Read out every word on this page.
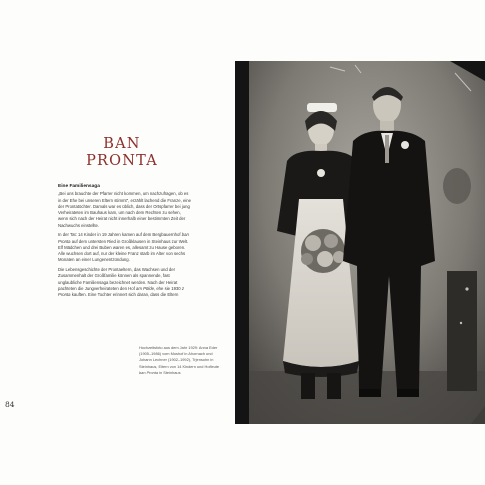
BAN
PRONTA
Eine Familiensaga

„Bei uns brauchte der Pfarrer nicht kommen, um nachzufragen, ob es in der Ehe bei unseren Eltern stimmt“, erzählt lachend die Franze, eine der Prontatöchter. Damals war es üblich, dass der Ortspfarrer bei jung Verheirateten im Bauhaus kam, um nach dem Rechten zu sehen, wenn sich nach der Heirat nicht innerhalb einer bestimmten Zeit der Nachwuchs einstellte.

In der Tat: 14 Kinder in 19 Jahren kamen auf dem Bergbauernhof ban Pronta auf dem untersten Ried in Großklausen in Steinhaus zur Welt. Elf Mädchen und drei Buben waren es, allesamt zu Hause geboren. Alle wuchsen dort auf, nur der kleine Franz starb im Alter von sechs Monaten an einer Lungenentzündung.

Die Lebensgeschichte der Prontaeltern, das Wachsen und der Zusammenhalt der Großfamilie können als spannende, fast unglaubliche Familiensaga bezeichnet werden. Nach der Heirat pachteten die Jungverheirateten den Hof am Pölde, ehe sie 1930 z Pronta kauften. Eine Tochter erinnert sich daran, dass die Eltern

Hochzeitsfoto aus dem Jahr 1929: Anna Eder (1905–1986) vom Mushof in Ahornach und Johann Lechner (1902–1992), Trjensohn in Steinhaus, Eltern von 14 Kindern und Hofleute ban Pronta in Steinhaus
84
